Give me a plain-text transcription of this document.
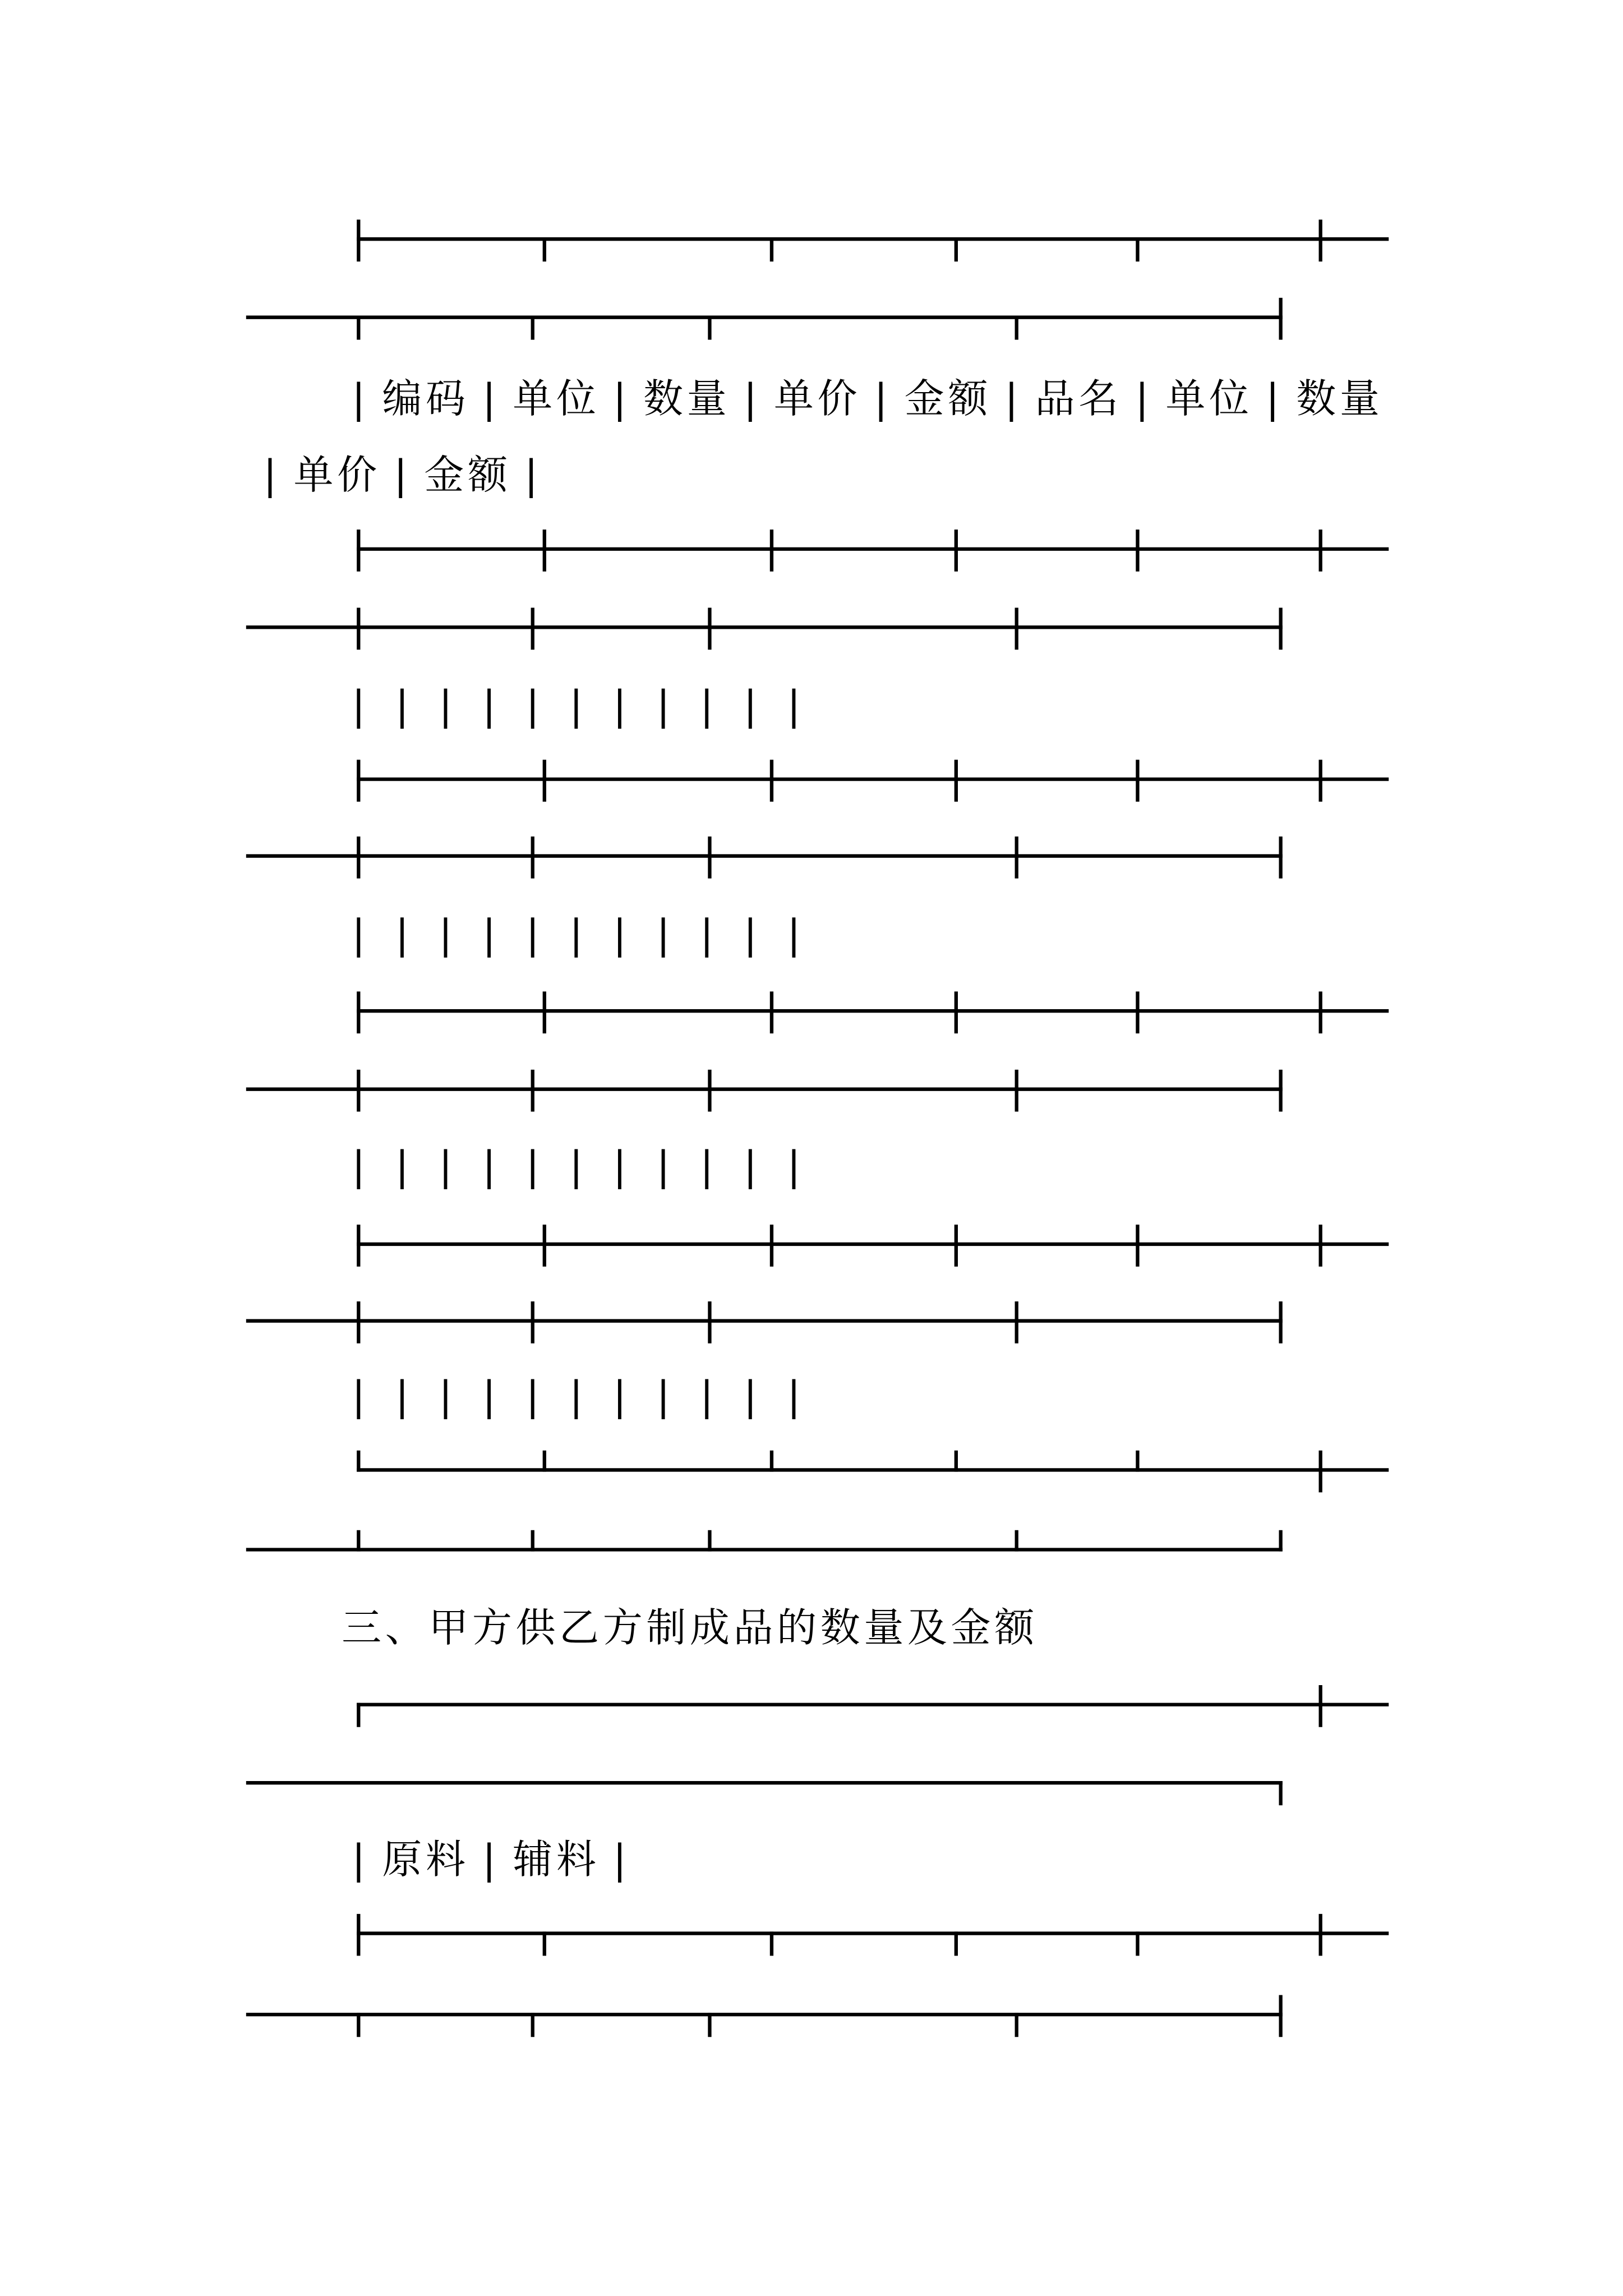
| 编 码 | 单 位 | 数 量 | 单 价 | 金 额 | 品 名 | 单 位 | 数 量
| 单 价 | 金 额 |
| | | | | | | | | | |
| | | | | | | | | | |
| | | | | | | | | | |
| | | | | | | | | | |
三 、 甲 方 供 乙 方 制 成 品 的 数 量 及 金 额
| 原 料 | 辅 料 |
